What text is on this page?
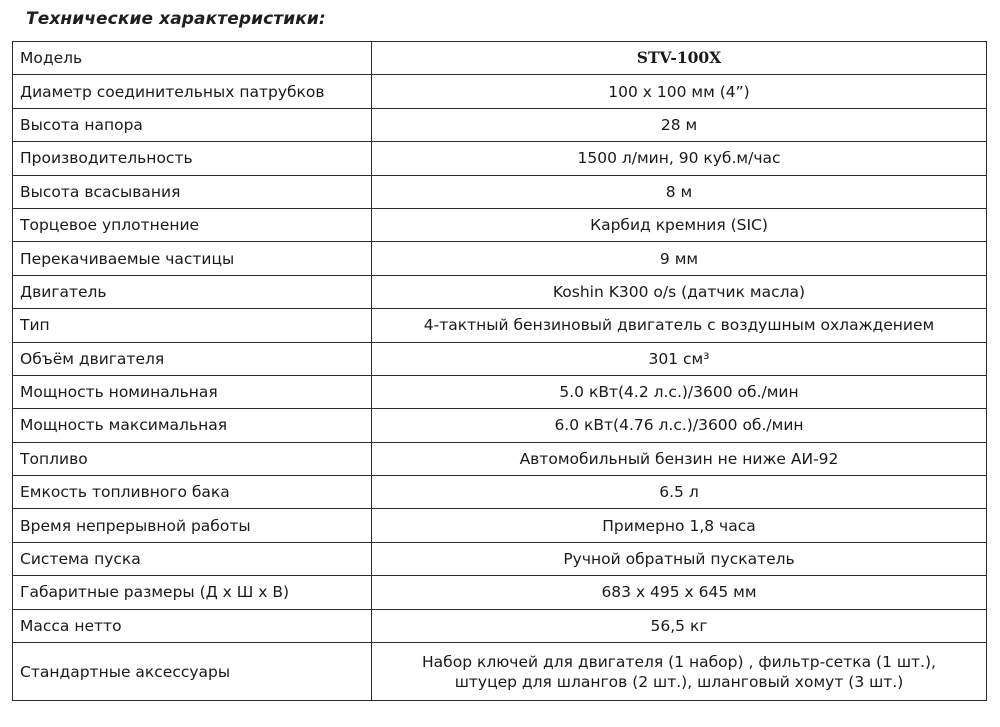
Технические характеристики:
Модель	STV-100X
Диаметр соединительных патрубков	100 х 100 мм (4”)
Высота напора	28 м
Производительность	1500 л/мин, 90 куб.м/час
Высота всасывания	8 м
Торцевое уплотнение	Карбид кремния (SIC)
Перекачиваемые частицы	9 мм
Двигатель	Koshin K300 o/s (датчик масла)
Тип	4-тактный бензиновый двигатель с воздушным охлаждением
Объём двигателя	301 см³
Мощность номинальная	5.0 кВт(4.2 л.с.)/3600 об./мин
Мощность максимальная	6.0 кВт(4.76 л.с.)/3600 об./мин
Топливо	Автомобильный бензин не ниже АИ-92
Емкость топливного бака	6.5 л
Время непрерывной работы	Примерно 1,8 часа
Система пуска	Ручной обратный пускатель
Габаритные размеры (Д х Ш х В)	683 х 495 х 645 мм
Масса нетто	56,5 кг
Стандартные аксессуары	Набор ключей для двигателя (1 набор) , фильтр-сетка (1 шт.),
штуцер для шлангов (2 шт.), шланговый хомут (3 шт.)
